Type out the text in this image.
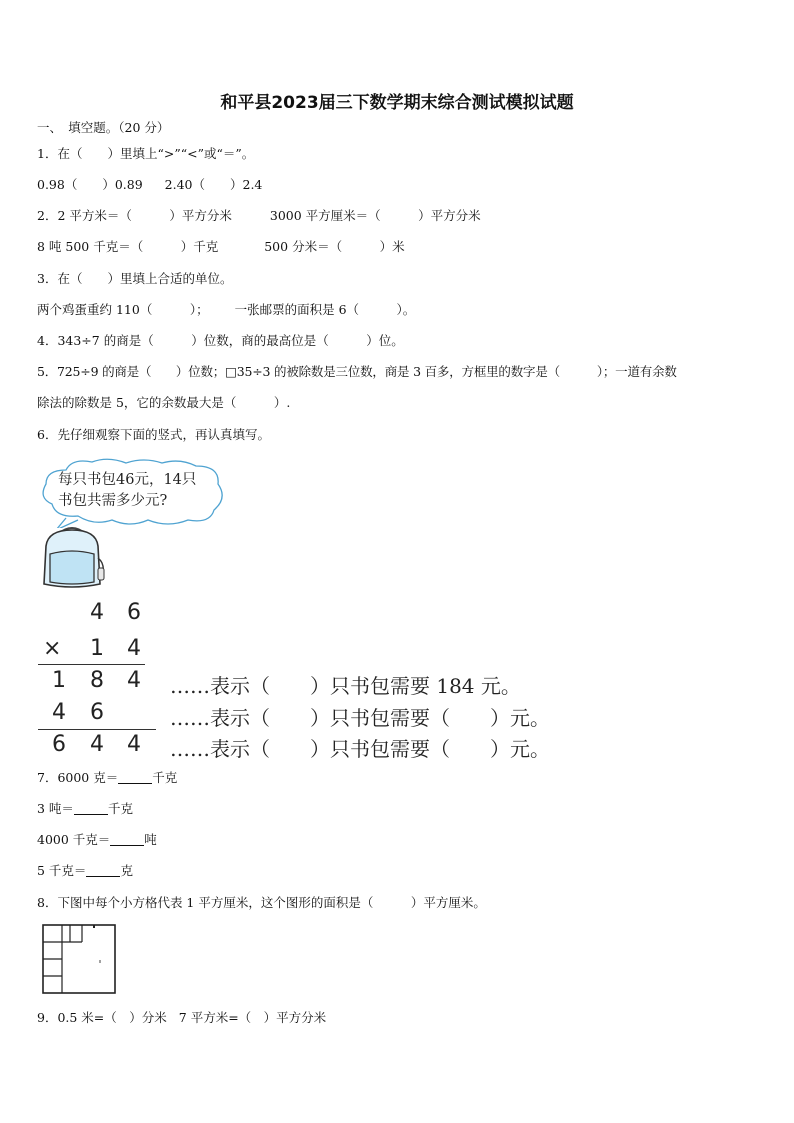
和平县2023届三下数学期末综合测试模拟试题
一、　填空题。（20 分）
1．在（　　）里填上“>”“<”或“＝”。
0.98（　　）0.89 2.40（　　）2.4
2．2 平方米＝（　　　）平方分米	3000 平方厘米＝（　　　）平方分米
8 吨 500 千克＝（　　　）千克	500 分米＝（　　　）米
3．在（　　）里填上合适的单位。
两个鸡蛋重约 110（　　　）； 一张邮票的面积是 6（　　　）。
4．343÷7 的商是（　　　）位数，商的最高位是（　　　）位。
5．725÷9 的商是（　　）位数；□35÷3 的被除数是三位数，商是 3 百多，方框里的数字是（　　　）；一道有余数
除法的除数是 5，它的余数最大是（　　　）.
6．先仔细观察下面的竖式，再认真填写。
每只书包46元，14只
书包共需多少元?
4 6
× 1 4
1 8 4
4 6
6 4 4
……表示（　　）只书包需要 184 元。
……表示（　　）只书包需要（　　）元。
……表示（　　）只书包需要（　　）元。
7．6000 克＝	千克
3 吨＝	千克
4000 千克＝	吨
5 千克＝	克
8．下图中每个小方格代表 1 平方厘米，这个图形的面积是（　　　）平方厘米。
9．0.5 米=（　）分米 7 平方米=（　）平方分米
